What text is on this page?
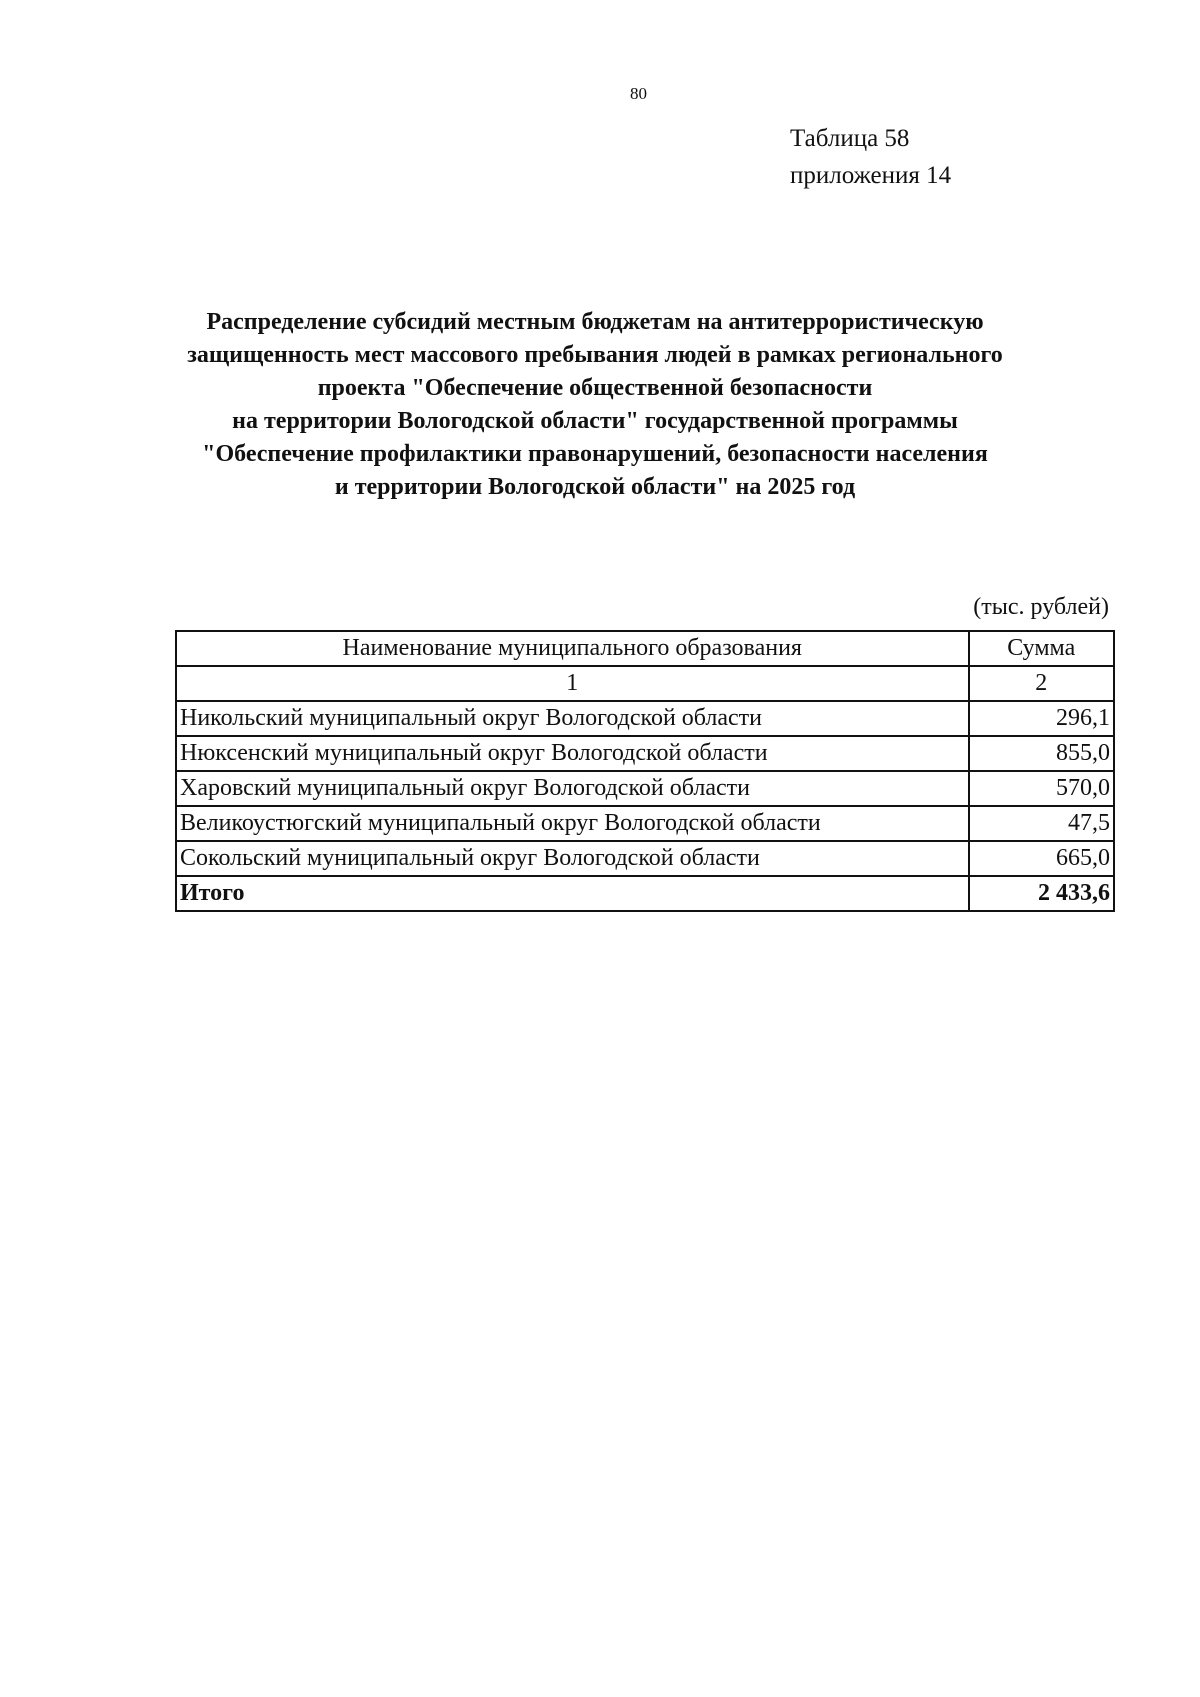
80
Таблица 58
приложения 14
Распределение субсидий местным бюджетам на антитеррористическую
защищенность мест массового пребывания людей в рамках регионального
проекта "Обеспечение общественной безопасности
на территории Вологодской области" государственной программы
"Обеспечение профилактики правонарушений, безопасности населения
и территории Вологодской области" на 2025 год
(тыс. рублей)
Наименование муниципального образования	Сумма
1	2
Никольский муниципальный округ Вологодской области	296,1
Нюксенский муниципальный округ Вологодской области	855,0
Харовский муниципальный округ Вологодской области	570,0
Великоустюгский муниципальный округ Вологодской области	47,5
Сокольский муниципальный округ Вологодской области	665,0
Итого	2 433,6
